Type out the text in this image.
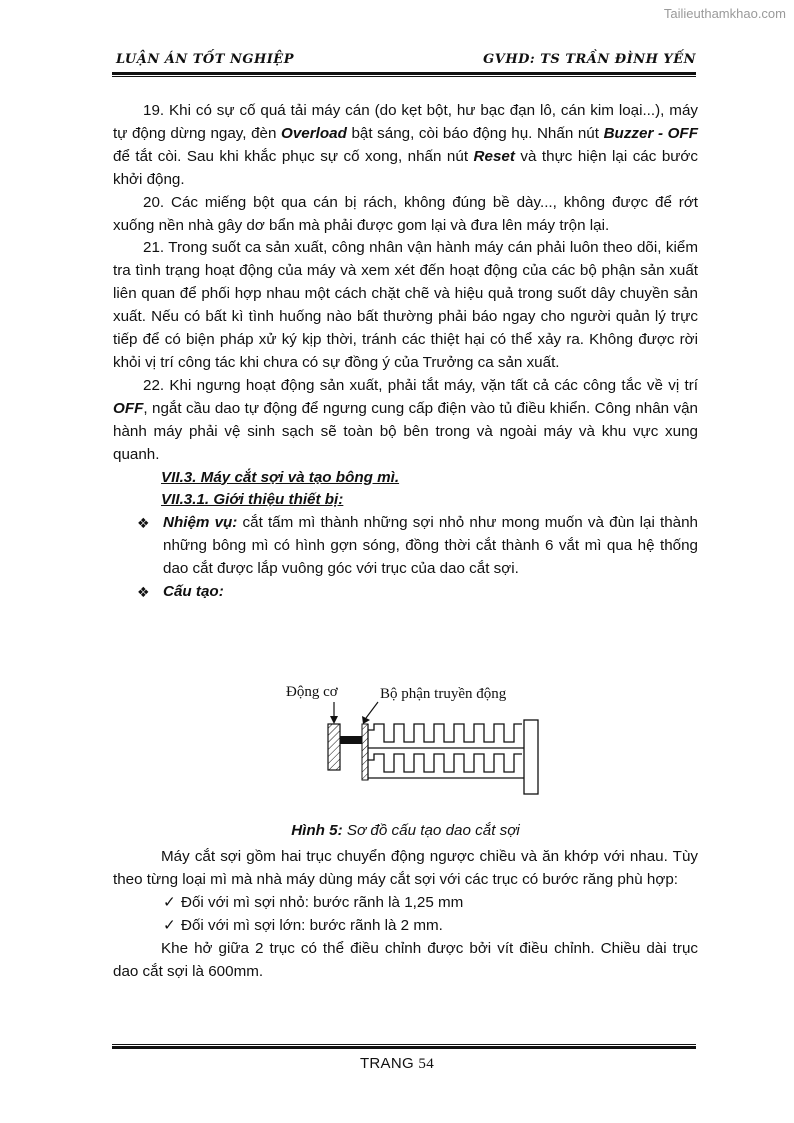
Tailieuthamkhao.com
LUẬN ÁN TỐT NGHIỆP	GVHD: TS TRẦN ĐÌNH YẾN

19. Khi có sự cố quá tải máy cán (do kẹt bột, hư bạc đạn lô, cán kim loại...), máy tự động dừng ngay, đèn Overload bật sáng, còi báo động hụ. Nhấn nút Buzzer - OFF để tắt còi. Sau khi khắc phục sự cố xong, nhấn nút Reset và thực hiện lại các bước khởi động.

20. Các miếng bột qua cán bị rách, không đúng bề dày..., không được để rớt xuống nền nhà gây dơ bẩn mà phải được gom lại và đưa lên máy trộn lại.

21. Trong suốt ca sản xuất, công nhân vận hành máy cán phải luôn theo dõi, kiểm tra tình trạng hoạt động của máy và xem xét đến hoạt động của các bộ phận sản xuất liên quan để phối hợp nhau một cách chặt chẽ và hiệu quả trong suốt dây chuyền sản xuất. Nếu có bất kì tình huống nào bất thường phải báo ngay cho người quản lý trực tiếp để có biện pháp xử ký kịp thời, tránh các thiệt hại có thể xảy ra. Không được rời khỏi vị trí công tác khi chưa có sự đồng ý của Trưởng ca sản xuất.

22. Khi ngưng hoạt động sản xuất, phải tắt máy, vặn tất cả các công tắc về vị trí OFF, ngắt cầu dao tự động để ngưng cung cấp điện vào tủ điều khiển. Công nhân vận hành máy phải vệ sinh sạch sẽ toàn bộ bên trong và ngoài máy và khu vực xung quanh.

VII.3. Máy cắt sợi và tạo bông mì.

VII.3.1. Giới thiệu thiết bị:

❖ Nhiệm vụ: cắt tấm mì thành những sợi nhỏ như mong muốn và đùn lại thành những bông mì có hình gợn sóng, đồng thời cắt thành 6 vắt mì qua hệ thống dao cắt được lắp vuông góc với trục của dao cắt sợi.

❖ Cấu tạo:

Động cơ	Bộ phận truyền động
Hình 5: Sơ đồ cấu tạo dao cắt sợi

Máy cắt sợi gồm hai trục chuyển động ngược chiều và ăn khớp với nhau. Tùy theo từng loại mì mà nhà máy dùng máy cắt sợi với các trục có bước răng phù hợp:

✓ Đối với mì sợi nhỏ: bước rãnh là 1,25 mm

✓ Đối với mì sợi lớn: bước rãnh là 2 mm.

Khe hở giữa 2 trục có thể điều chỉnh được bởi vít điều chỉnh. Chiều dài trục dao cắt sợi là 600mm.

TRANG 54
